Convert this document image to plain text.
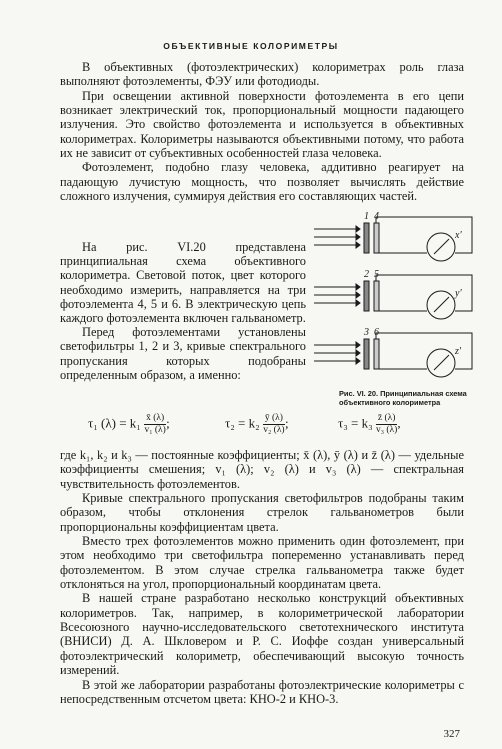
ОБЪЕКТИВНЫЕ КОЛОРИМЕТРЫ

В объективных (фотоэлектрических) колориметрах роль глаза выполняют фотоэлементы, ФЭУ или фотодиоды.

При освещении активной поверхности фотоэлемента в его цепи возникает электрический ток, пропорциональный мощности падающего излучения. Это свойство фотоэлемента и используется в объективных колориметрах. Колориметры называются объективными потому, что работа их не зависит от субъективных особенностей глаза человека.

Фотоэлемент, подобно глазу человека, аддитивно реагирует на падающую лучистую мощность, что позволяет вычислять действие сложного излучения, суммируя действия его составляющих частей.

На рис. VI.20 представлена принципиальная схема объективного колориметра. Световой поток, цвет которого необходимо измерить, направляется на три фотоэлемента 4, 5 и 6. В электрическую цепь каждого фотоэлемента включен гальванометр.

Перед фотоэлементами установлены светофильтры 1, 2 и 3, кривые спектрального пропускания которых подобраны определенным образом, а именно:

1 4
2 5
3 6
x'
y'
z'
Рис. VI. 20. Принципиальная схема объективного колориметра
τ₁ $(\lambda) = k_1 \frac{x̄ (\lambda)}{\text{v₁ (λ)}}$ ;	$\tau_2 = k_2 \frac{ȳ (\lambda)}{\text{v₂ (λ)}}$ ;	$\tau_3 = k_3 \frac{z̄ (\lambda)}{\text{v₃ (λ)}}$ ,

где k₁, k₂ и k₃ — постоянные коэффициенты; x̄ (λ), ȳ (λ) и z̄ (λ) — удельные коэффициенты смешения; v₁ (λ); v₂ (λ) и v₃ (λ) — спектральная чувствительность фотоэлементов.

Кривые спектрального пропускания светофильтров подобраны таким образом, чтобы отклонения стрелок гальванометров были пропорциональны коэффициентам цвета.

Вместо трех фотоэлементов можно применить один фотоэлемент, при этом необходимо три светофильтра попеременно устанавливать перед фотоэлементом. В этом случае стрелка гальванометра также будет отклоняться на угол, пропорциональный координатам цвета.

В нашей стране разработано несколько конструкций объективных колориметров. Так, например, в колориметрической лаборатории Всесоюзного научно-исследовательского светотехнического института (ВНИСИ) Д. А. Шкловером и Р. С. Иоффе создан универсальный фотоэлектрический колориметр, обеспечивающий высокую точность измерений.

В этой же лаборатории разработаны фотоэлектрические колориметры с непосредственным отсчетом цвета: КНО-2 и КНО-3.

327
